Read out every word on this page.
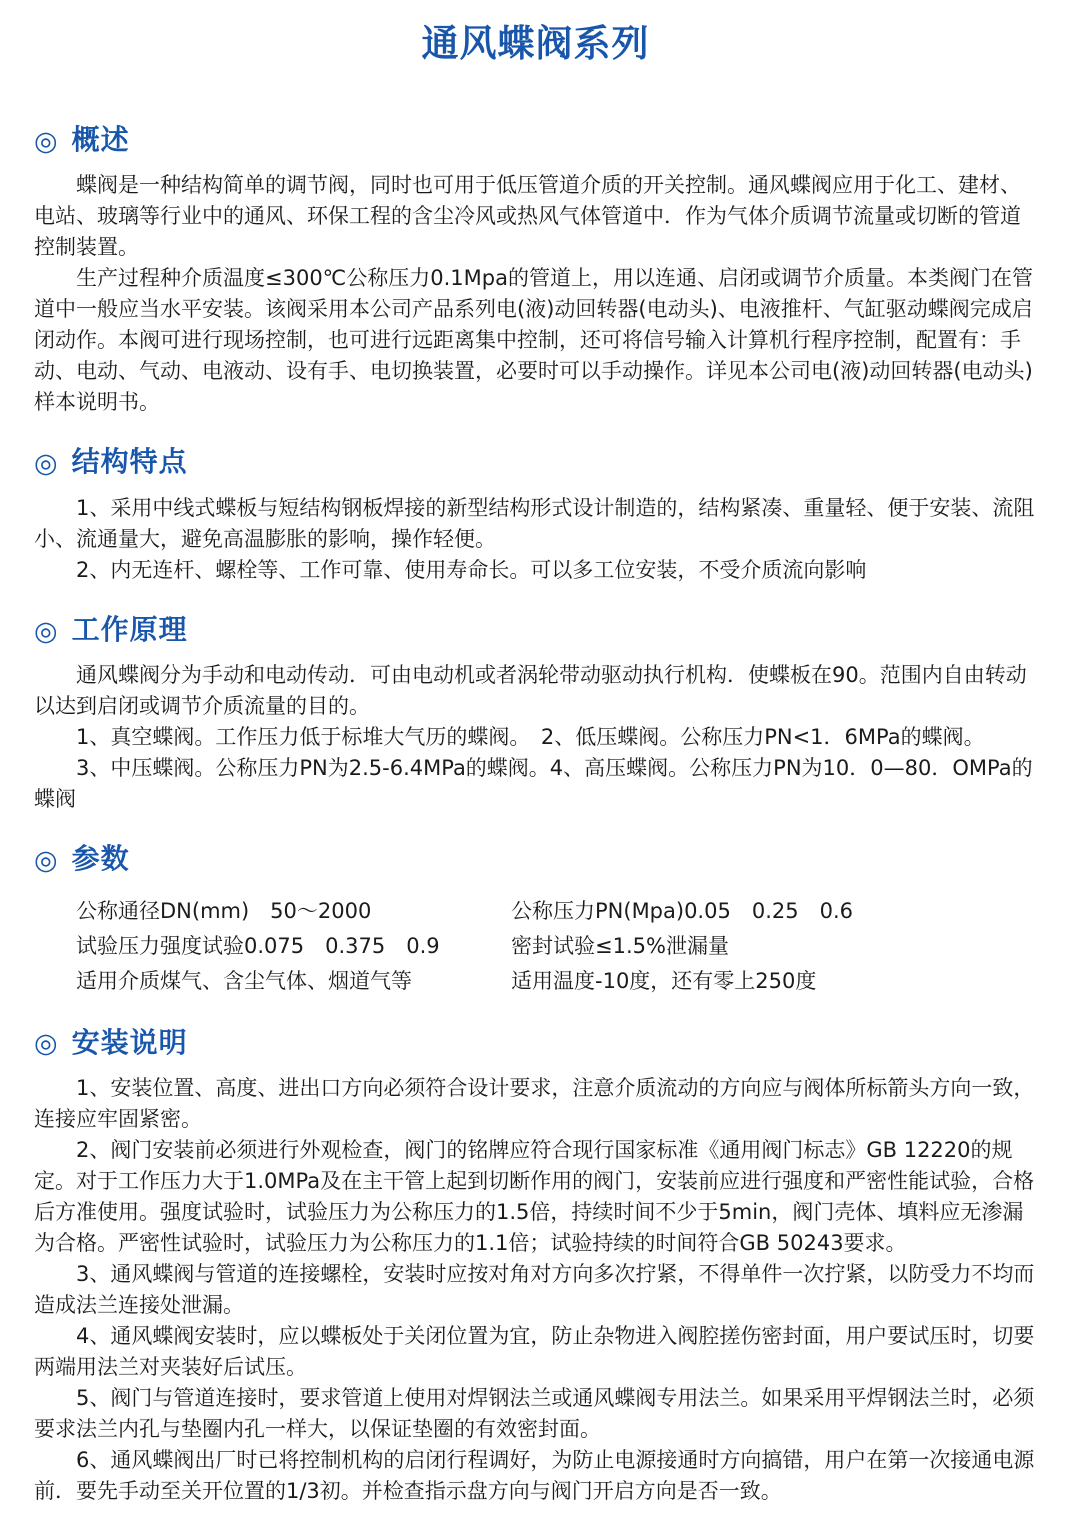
通风蝶阀系列
◎ 概述

蝶阀是一种结构简单的调节阀，同时也可用于低压管道介质的开关控制。通风蝶阀应用于化工、建材、电站、玻璃等行业中的通风、环保工程的含尘冷风或热风气体管道中．作为气体介质调节流量或切断的管道控制装置。

生产过程种介质温度≤300℃公称压力0.1Mpa的管道上，用以连通、启闭或调节介质量。本类阀门在管道中一般应当水平安装。该阀采用本公司产品系列电(液)动回转器(电动头)、电液推杆、气缸驱动蝶阀完成启闭动作。本阀可进行现场控制，也可进行远距离集中控制，还可将信号输入计算机行程序控制，配置有：手动、电动、气动、电液动、设有手、电切换装置，必要时可以手动操作。详见本公司电(液)动回转器(电动头)样本说明书。

◎ 结构特点

1、采用中线式蝶板与短结构钢板焊接的新型结构形式设计制造的，结构紧凑、重量轻、便于安装、流阻小、流通量大，避免高温膨胀的影响，操作轻便。

2、内无连杆、螺栓等、工作可靠、使用寿命长。可以多工位安装，不受介质流向影响

◎ 工作原理

通风蝶阀分为手动和电动传动．可由电动机或者涡轮带动驱动执行机构．使蝶板在90。范围内自由转动以达到启闭或调节介质流量的目的。

1、真空蝶阀。工作压力低于标堆大气历的蝶阀。　2、低压蝶阀。公称压力PN<1．6MPa的蝶阀。

3、中压蝶阀。公称压力PN为2.5-6.4MPa的蝶阀。4、高压蝶阀。公称压力PN为10．0—80．OMPa的蝶阀

◎ 参数

公称通径DN(mm)　50～2000

试验压力强度试验0.075　0.375　0.9

适用介质煤气、含尘气体、烟道气等

公称压力PN(Mpa)0.05　0.25　0.6

密封试验≤1.5%泄漏量

适用温度-10度，还有零上250度

◎ 安装说明

1、安装位置、高度、进出口方向必须符合设计要求，注意介质流动的方向应与阀体所标箭头方向一致，连接应牢固紧密。

2、阀门安装前必须进行外观检查，阀门的铭牌应符合现行国家标准《通用阀门标志》GB 12220的规定。对于工作压力大于1.0MPa及在主干管上起到切断作用的阀门，安装前应进行强度和严密性能试验，合格后方准使用。强度试验时，试验压力为公称压力的1.5倍，持续时间不少于5min，阀门壳体、填料应无渗漏为合格。严密性试验时，试验压力为公称压力的1.1倍；试验持续的时间符合GB 50243要求。

3、通风蝶阀与管道的连接螺栓，安装时应按对角对方向多次拧紧，不得单件一次拧紧，以防受力不均而造成法兰连接处泄漏。

4、通风蝶阀安装时，应以蝶板处于关闭位置为宜，防止杂物进入阀腔搓伤密封面，用户要试压时，切要两端用法兰对夹装好后试压。

5、阀门与管道连接时，要求管道上使用对焊钢法兰或通风蝶阀专用法兰。如果采用平焊钢法兰时，必须要求法兰内孔与垫圈内孔一样大，以保证垫圈的有效密封面。

6、通风蝶阀出厂时已将控制机构的启闭行程调好，为防止电源接通时方向搞错，用户在第一次接通电源前．要先手动至关开位置的1/3初。并检查指示盘方向与阀门开启方向是否一致。
